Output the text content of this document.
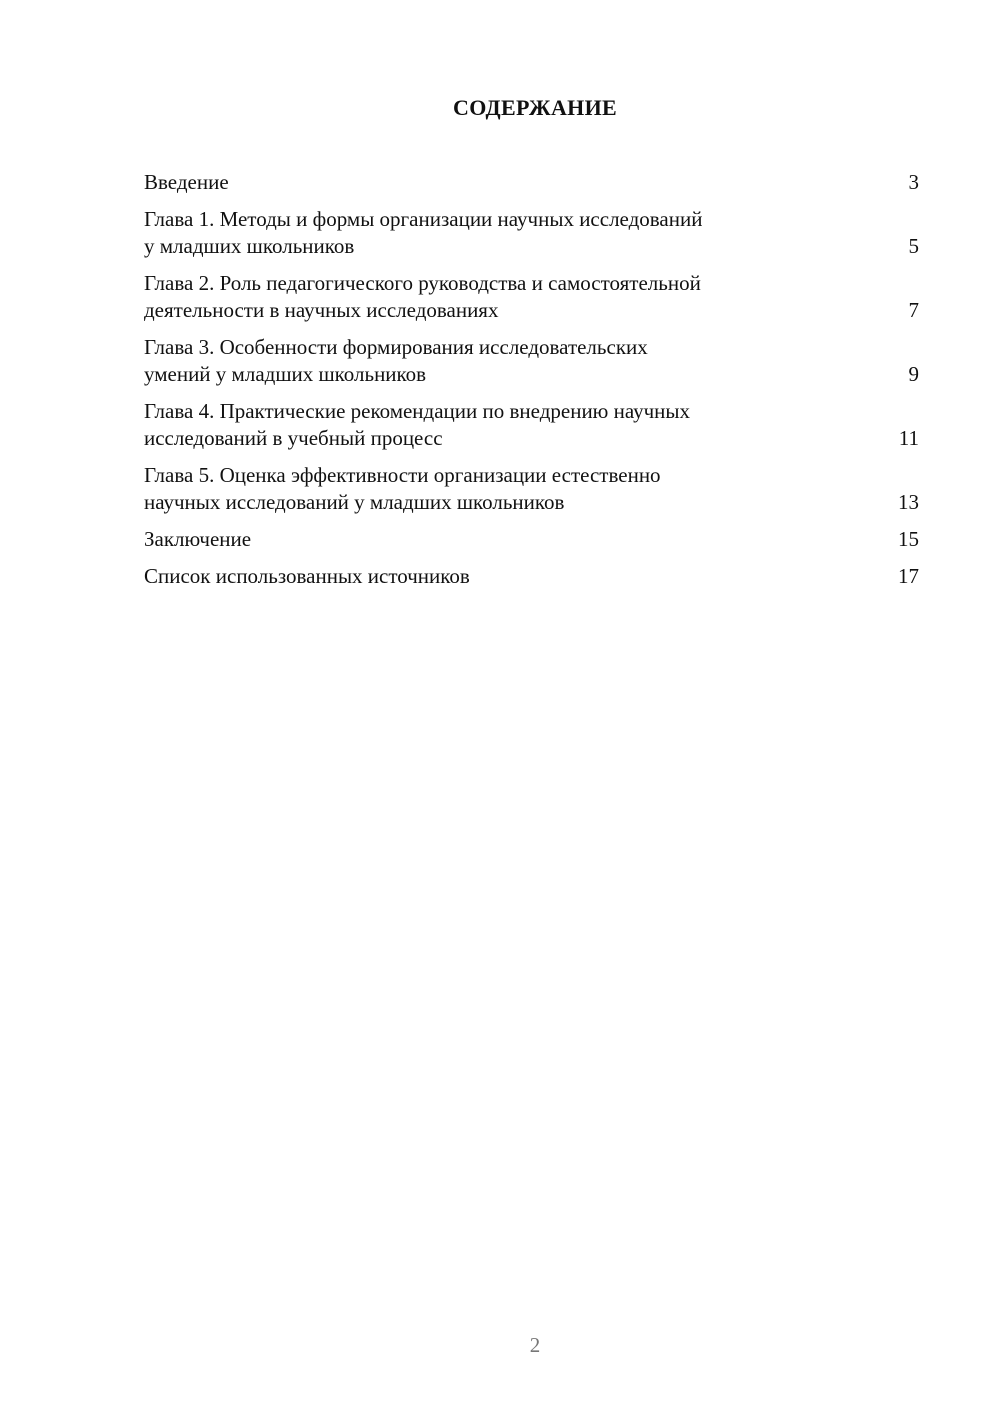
СОДЕРЖАНИЕ
Введение	3
Глава 1. Методы и формы организации научных исследований
у младших школьников	5
Глава 2. Роль педагогического руководства и самостоятельной
деятельности в научных исследованиях	7
Глава 3. Особенности формирования исследовательских
умений у младших школьников	9
Глава 4. Практические рекомендации по внедрению научных
исследований в учебный процесс	11
Глава 5. Оценка эффективности организации естественно
научных исследований у младших школьников	13
Заключение	15
Список использованных источников	17
2
